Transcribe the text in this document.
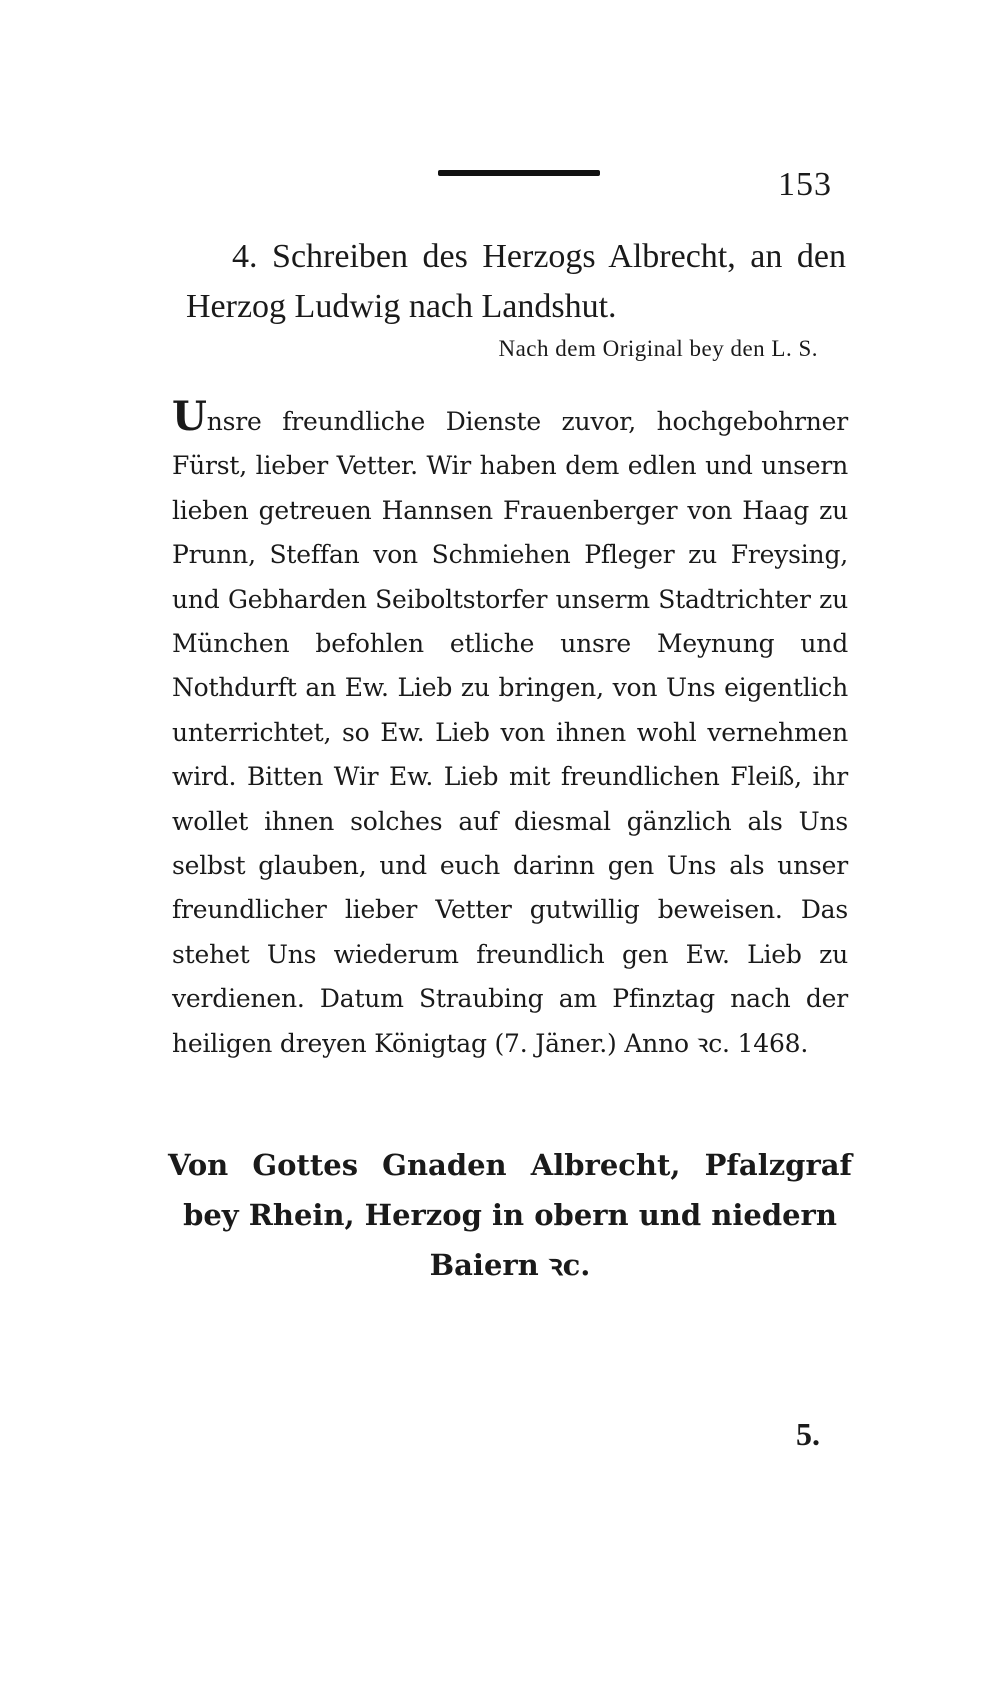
153
4. Schreiben des Herzogs Albrecht, an den Herzog Ludwig nach Landshut.
Nach dem Original bey den L. S.
Unsre freundliche Dienste zuvor, hochgebohrner Fürst, lieber Vetter. Wir haben dem edlen und unsern lieben getreuen Hannsen Frauenberger von Haag zu Prunn, Steffan von Schmiehen Pfleger zu Freysing, und Gebharden Seiboltstorfer unserm Stadtrichter zu München befohlen etliche unsre Meynung und Nothdurft an Ew. Lieb zu bringen, von Uns eigentlich unterrichtet, so Ew. Lieb von ihnen wohl vernehmen wird. Bitten Wir Ew. Lieb mit freundlichen Fleiß, ihr wollet ihnen solches auf diesmal gänzlich als Uns selbst glauben, und euch darinn gen Uns als unser freundlicher lieber Vetter gutwillig beweisen. Das stehet Uns wiederum freundlich gen Ew. Lieb zu verdienen. Datum Straubing am Pfinztag nach der heiligen dreyen Königtag (7. Jäner.) Anno ꝛc. 1468.
Von Gottes Gnaden Albrecht, Pfalzgraf
bey Rhein, Herzog in obern und niedern
Baiern ꝛc.
5.
